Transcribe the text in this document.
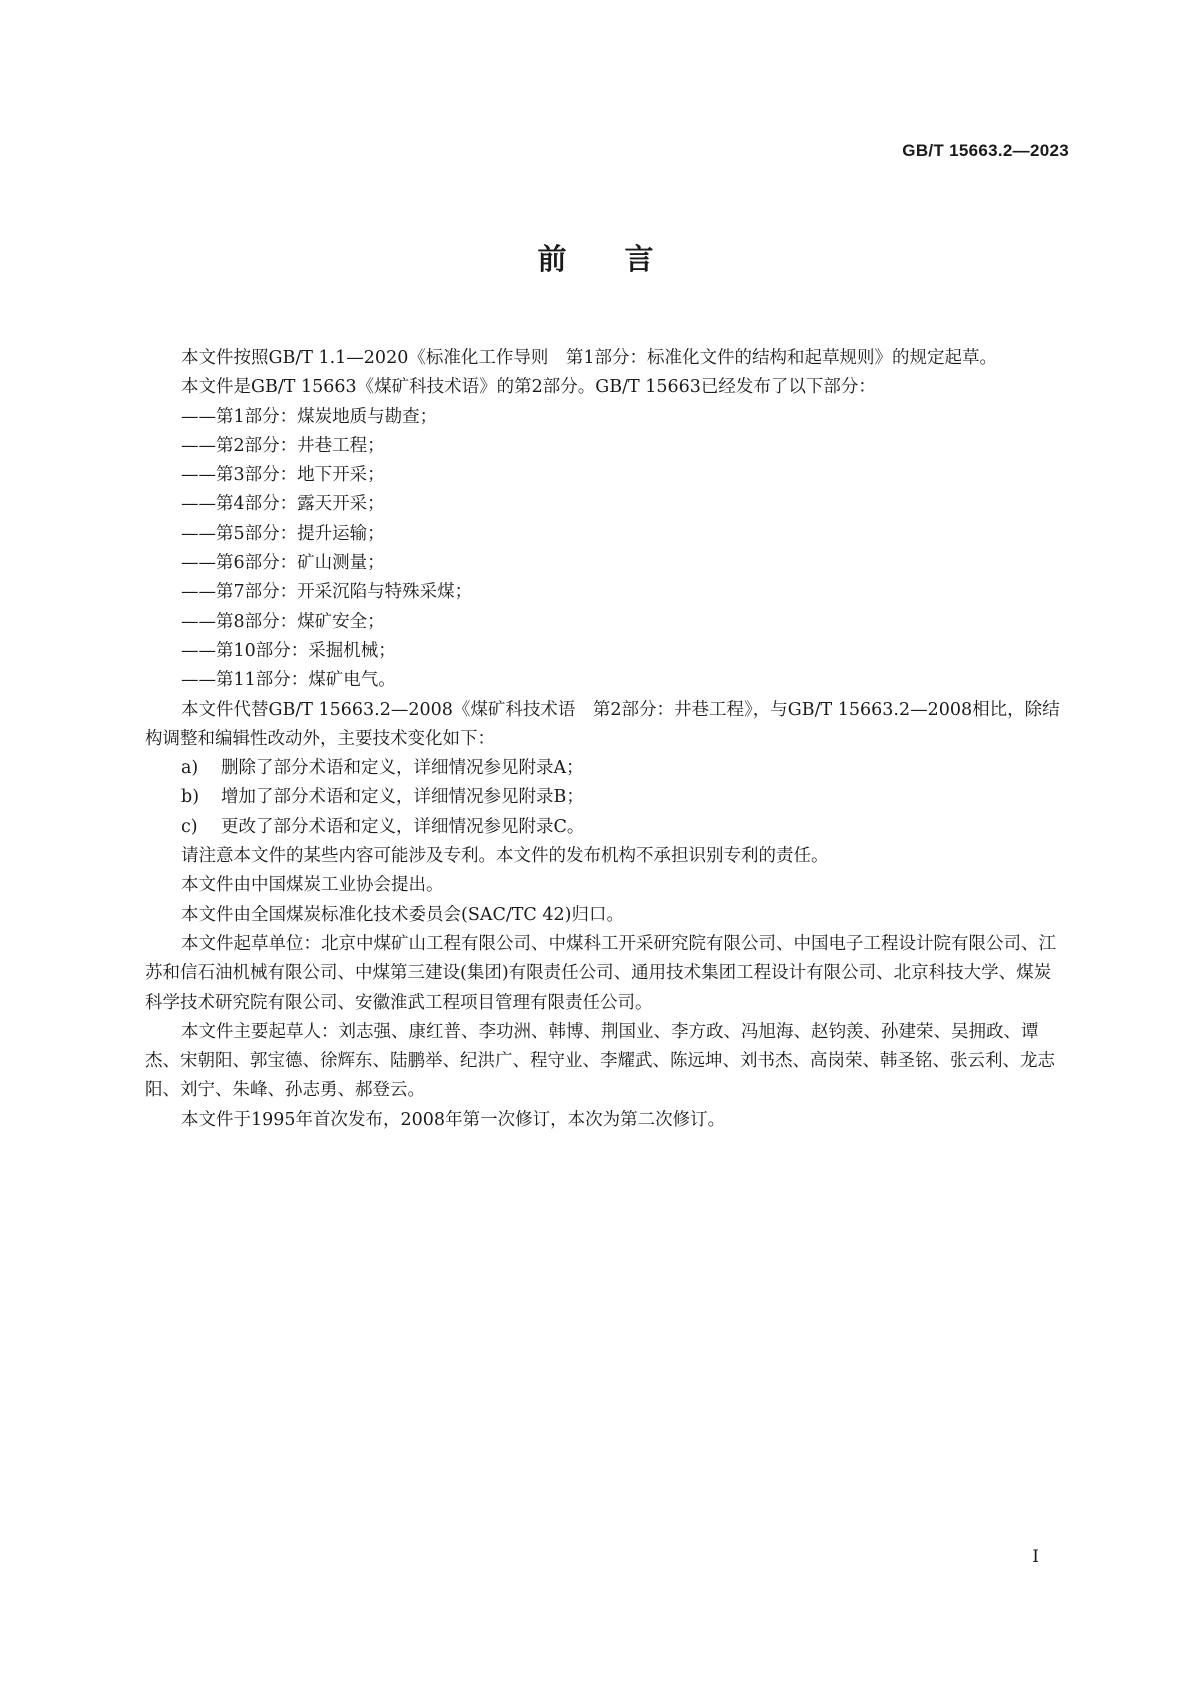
GB/T 15663.2—2023
前言

本文件按照GB/T 1.1—2020《标准化工作导则　第1部分：标准化文件的结构和起草规则》的规定起草。

本文件是GB/T 15663《煤矿科技术语》的第2部分。GB/T 15663已经发布了以下部分：

——第1部分：煤炭地质与勘查；

——第2部分：井巷工程；

——第3部分：地下开采；

——第4部分：露天开采；

——第5部分：提升运输；

——第6部分：矿山测量；

——第7部分：开采沉陷与特殊采煤；

——第8部分：煤矿安全；

——第10部分：采掘机械；

——第11部分：煤矿电气。

本文件代替GB/T 15663.2—2008《煤矿科技术语　第2部分：井巷工程》，与GB/T 15663.2—2008相比，除结构调整和编辑性改动外，主要技术变化如下：

a) 删除了部分术语和定义，详细情况参见附录A；

b) 增加了部分术语和定义，详细情况参见附录B；

c) 更改了部分术语和定义，详细情况参见附录C。

请注意本文件的某些内容可能涉及专利。本文件的发布机构不承担识别专利的责任。

本文件由中国煤炭工业协会提出。

本文件由全国煤炭标准化技术委员会(SAC/TC 42)归口。

本文件起草单位：北京中煤矿山工程有限公司、中煤科工开采研究院有限公司、中国电子工程设计院有限公司、江苏和信石油机械有限公司、中煤第三建设(集团)有限责任公司、通用技术集团工程设计有限公司、北京科技大学、煤炭科学技术研究院有限公司、安徽淮武工程项目管理有限责任公司。

本文件主要起草人：刘志强、康红普、李功洲、韩博、荆国业、李方政、冯旭海、赵钧羡、孙建荣、吴拥政、谭杰、宋朝阳、郭宝德、徐辉东、陆鹏举、纪洪广、程守业、李耀武、陈远坤、刘书杰、高岗荣、韩圣铭、张云利、龙志阳、刘宁、朱峰、孙志勇、郝登云。

本文件于1995年首次发布，2008年第一次修订，本次为第二次修订。

I
